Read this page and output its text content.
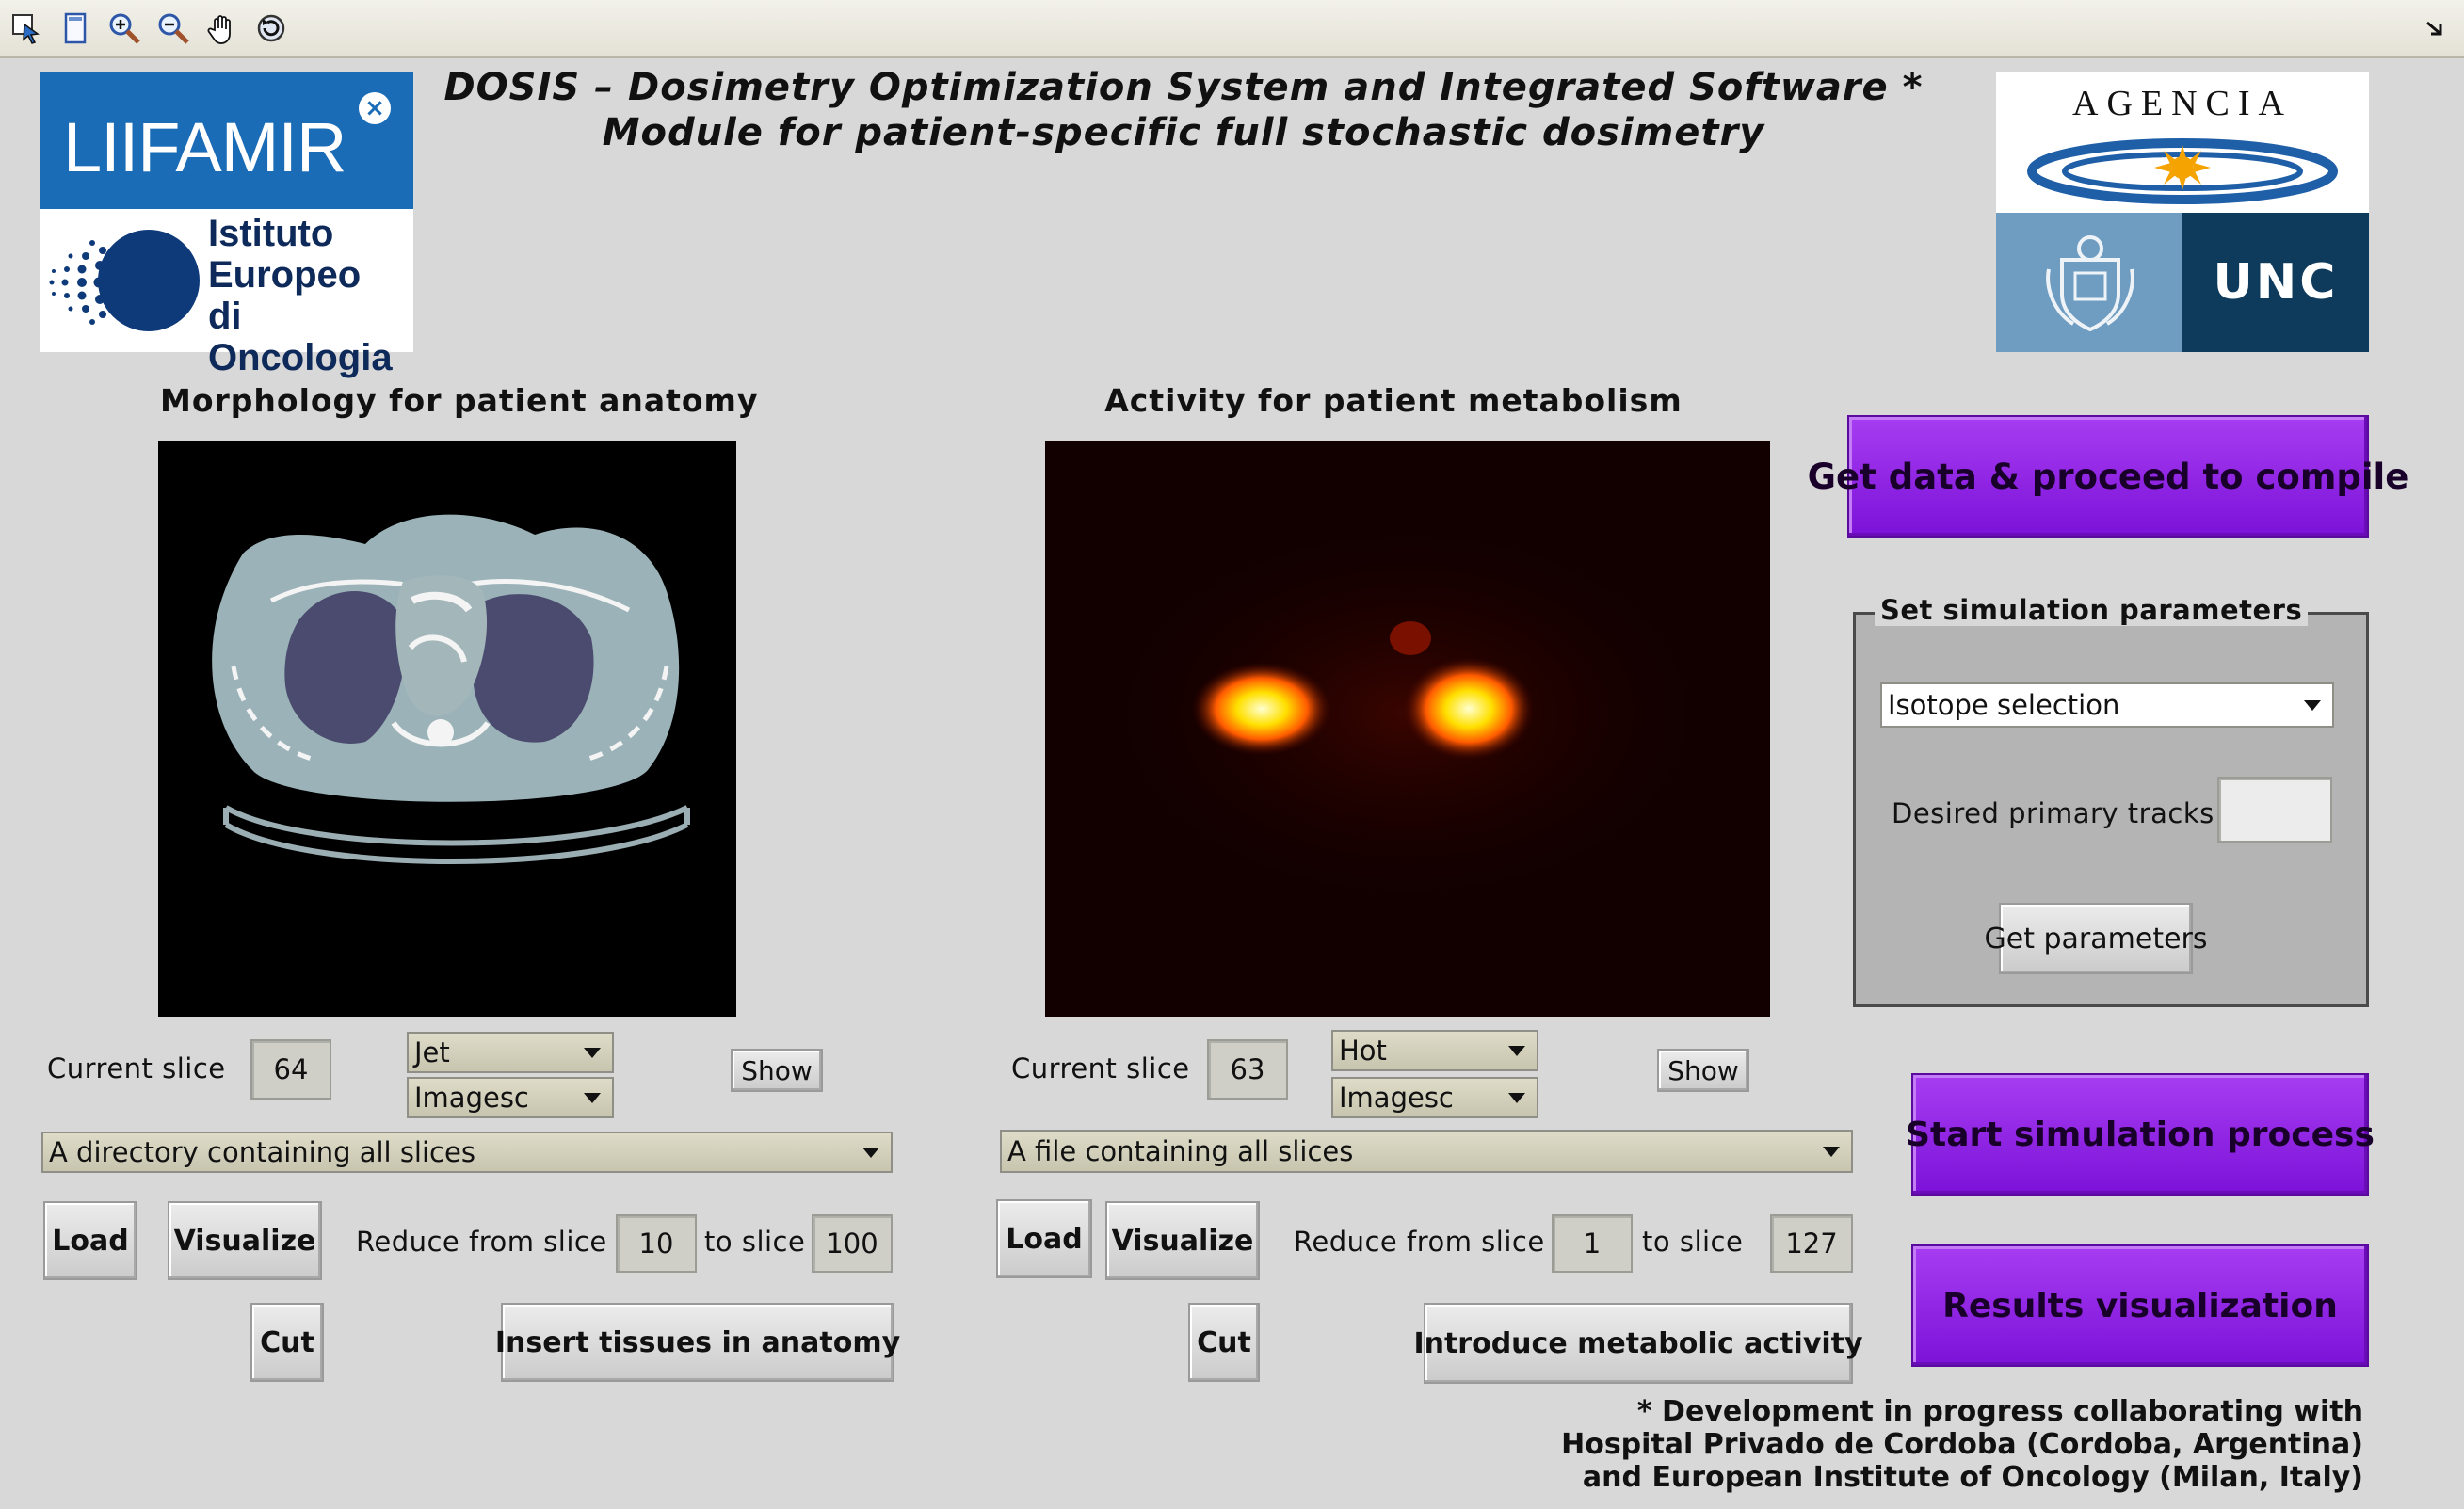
DOSIS – Dosimetry Optimization System and Integrated Software *
Module for patient-specific full stochastic dosimetry
LIIFAMIR ×
Istituto
Europeo
di Oncologia
AGENCIA
UNC
Morphology for patient anatomy	Activity for patient metabolism
Get data & proceed to compile
Set simulation parameters
Isotope selection
Desired primary tracks
Get parameters
Current slice	64
Jet
Imagesc
Show
A directory containing all slices
Load	Visualize Reduce from slice	10	to slice 100
Cut	Insert tissues in anatomy
Current slice	63
Hot
Imagesc
Show
A file containing all slices
Load	Visualize Reduce from slice	1	to slice	127
Cut	Introduce metabolic activity
Start simulation process
Results visualization
* Development in progress collaborating with
Hospital Privado de Cordoba (Cordoba, Argentina)
and European Institute of Oncology (Milan, Italy)
